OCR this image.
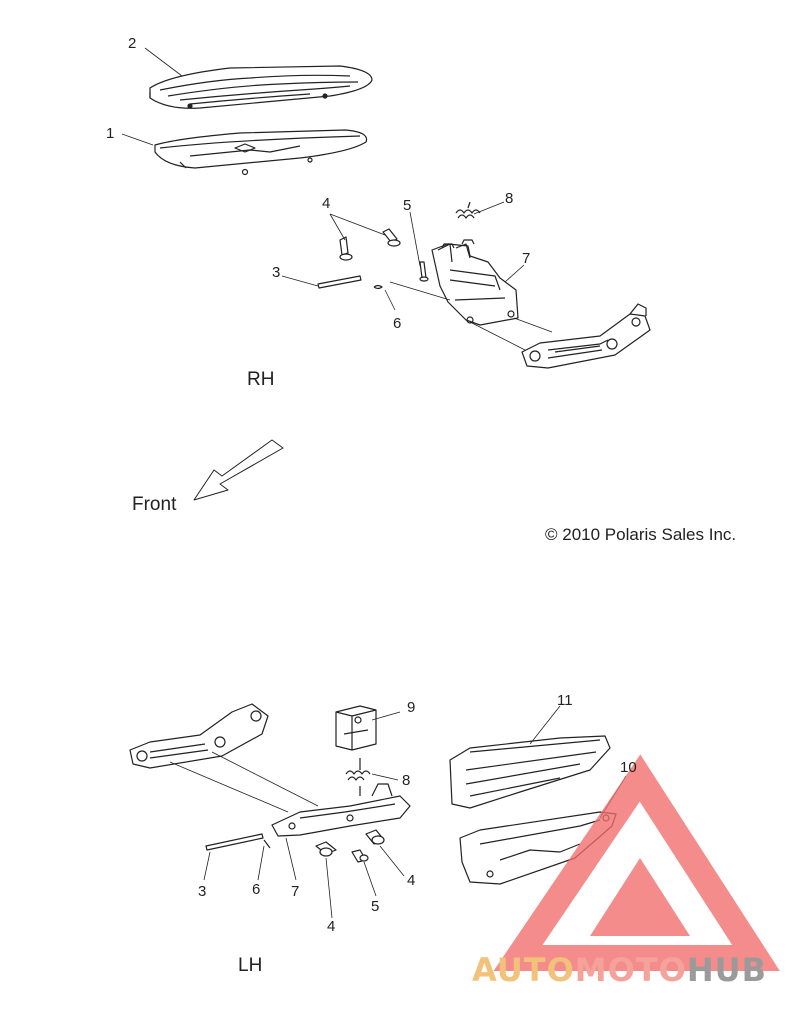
2
1
4	5	8
7
3
6
RH
Front
© 2010 Polaris Sales Inc.
9	11
8
10
3	6 7
4
5
4
LH	AUTOMOTOHUB
